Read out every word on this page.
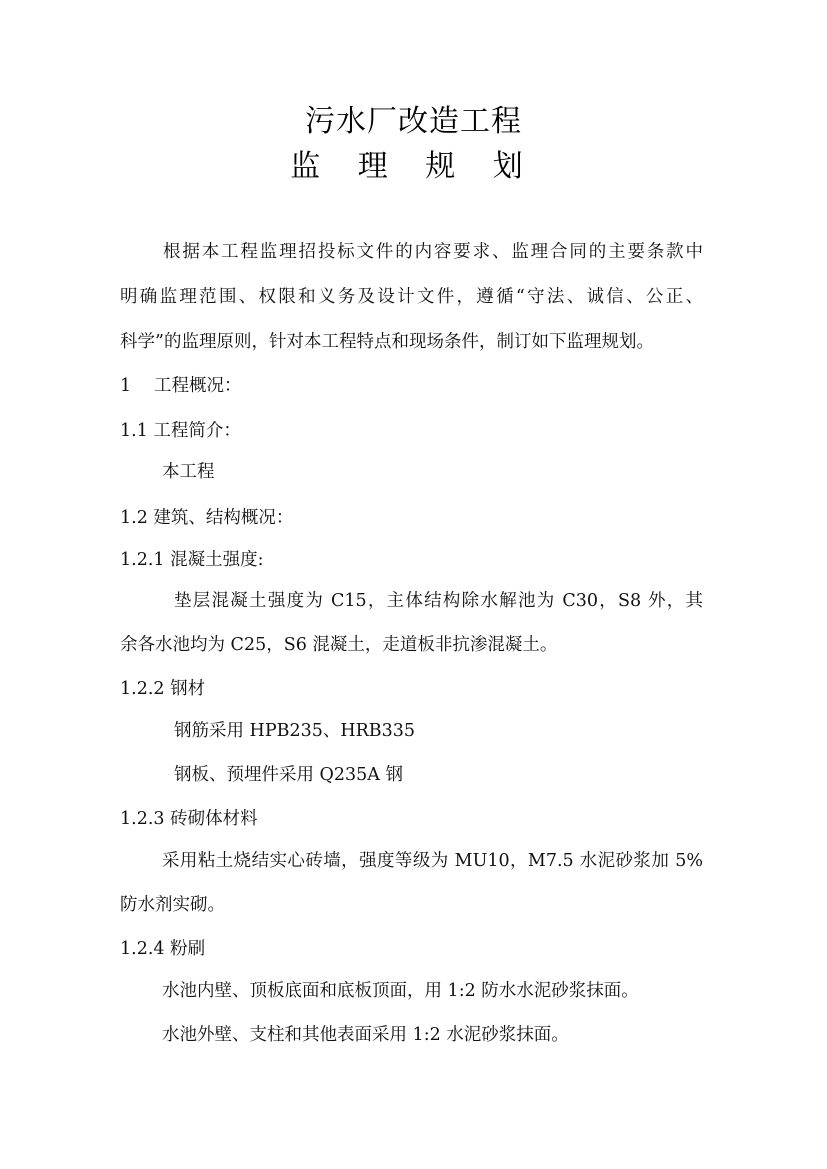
污水厂改造工程
监 理 规 划
根据本工程监理招投标文件的内容要求、监理合同的主要条款中
明确监理范围、权限和义务及设计文件，遵循“守法、诚信、公正、
科学”的监理原则，针对本工程特点和现场条件，制订如下监理规划。
1 工程概况：
1.1 工程简介：
本工程
1.2 建筑、结构概况：
1.2.1 混凝土强度:
垫层混凝土强度为 C15，主体结构除水解池为 C30，S8 外，其
余各水池均为 C25，S6 混凝土，走道板非抗渗混凝土。
1.2.2 钢材
钢筋采用 HPB235、HRB335
钢板、预埋件采用 Q235A 钢
1.2.3 砖砌体材料
采用粘土烧结实心砖墙，强度等级为 MU10，M7.5 水泥砂浆加 5%
防水剂实砌。
1.2.4 粉刷
水池内壁、顶板底面和底板顶面，用 1:2 防水水泥砂浆抹面。
水池外壁、支柱和其他表面采用 1:2 水泥砂浆抹面。
